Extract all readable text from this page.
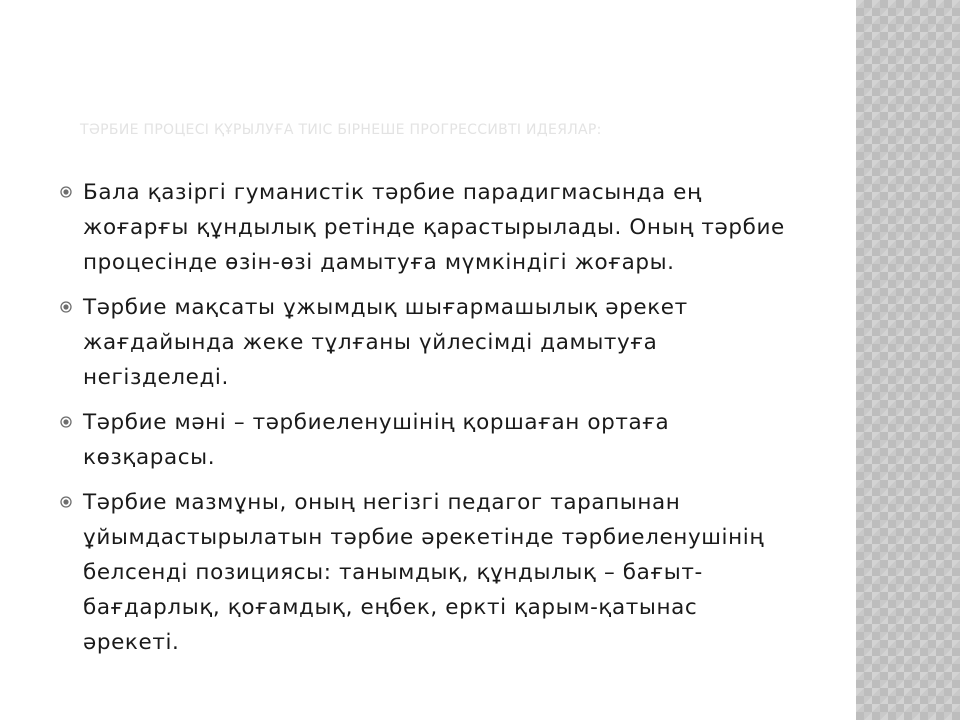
ТӘРБИЕ ПРОЦЕСІ ҚҰРЫЛУҒА ТИІС БІРНЕШЕ ПРОГРЕССИВТІ ИДЕЯЛАР:
Бала қазіргі гуманистік тәрбие парадигмасында ең жоғарғы құндылық ретінде қарастырылады. Оның тәрбие процесінде өзін-өзі дамытуға мүмкіндігі жоғары.
Тәрбие мақсаты ұжымдық шығармашылық әрекет жағдайында жеке тұлғаны үйлесімді дамытуға негізделеді.
Тәрбие мәні – тәрбиеленушінің қоршаған ортаға көзқарасы.
Тәрбие мазмұны, оның негізгі педагог тарапынан ұйымдастырылатын тәрбие әрекетінде тәрбиеленушінің белсенді позициясы: танымдық, құндылық – бағыт-бағдарлық, қоғамдық, еңбек, еркті қарым-қатынас әрекеті.
